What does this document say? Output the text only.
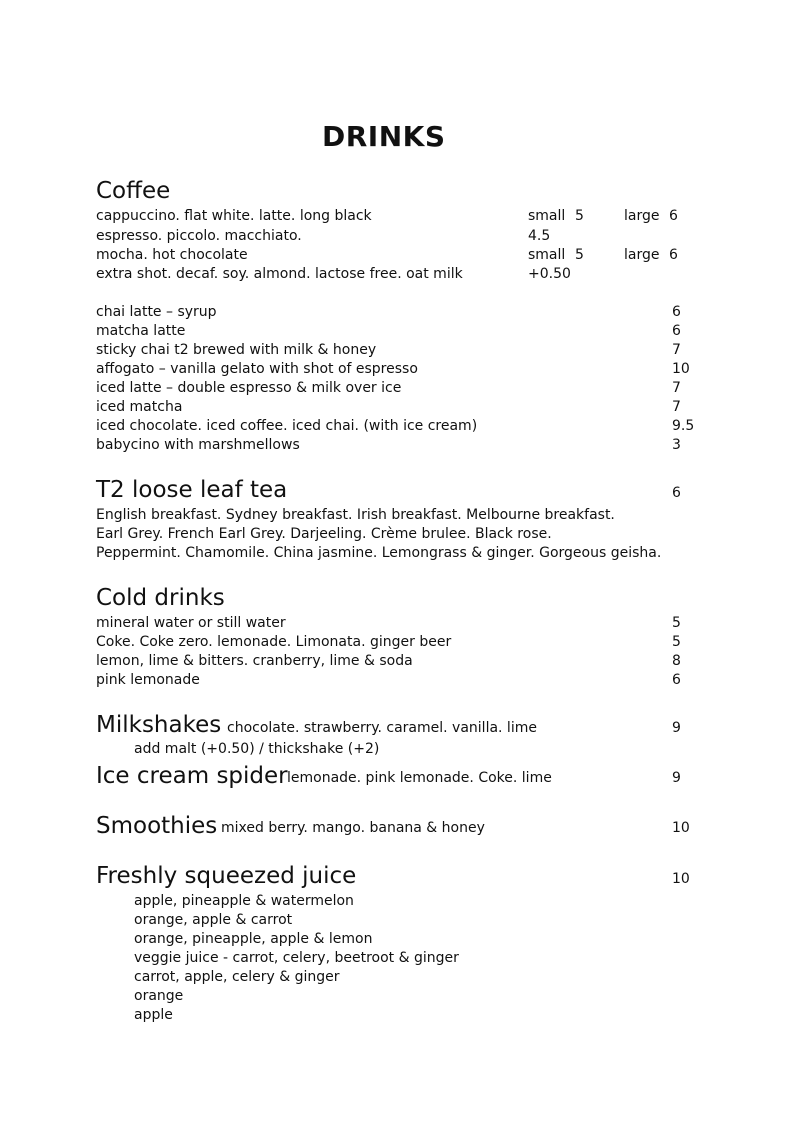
DRINKS
Coffee
cappuccino. flat white. latte. long black	small 5	large 6
espresso. piccolo. macchiato.	4.5
mocha. hot chocolate	small 5	large 6
extra shot. decaf. soy. almond. lactose free. oat milk	+0.50
chai latte – syrup	6
matcha latte	6
sticky chai t2 brewed with milk & honey	7
affogato – vanilla gelato with shot of espresso	10
iced latte – double espresso & milk over ice	7
iced matcha	7
iced chocolate. iced coffee. iced chai. (with ice cream)	9.5
babycino with marshmellows	3
T2 loose leaf tea	6
English breakfast. Sydney breakfast. Irish breakfast. Melbourne breakfast.
Earl Grey. French Earl Grey. Darjeeling. Crème brulee. Black rose.
Peppermint. Chamomile. China jasmine. Lemongrass & ginger. Gorgeous geisha.
Cold drinks
mineral water or still water	5
Coke. Coke zero. lemonade. Limonata. ginger beer	5
lemon, lime & bitters. cranberry, lime & soda	8
pink lemonade	6
Milkshakes chocolate. strawberry. caramel. vanilla. lime	9
add malt (+0.50) / thickshake (+2)
Ice cream spider lemonade. pink lemonade. Coke. lime	9
Smoothies mixed berry. mango. banana & honey	10
Freshly squeezed juice	10
apple, pineapple & watermelon
orange, apple & carrot
orange, pineapple, apple & lemon
veggie juice - carrot, celery, beetroot & ginger
carrot, apple, celery & ginger
orange
apple
